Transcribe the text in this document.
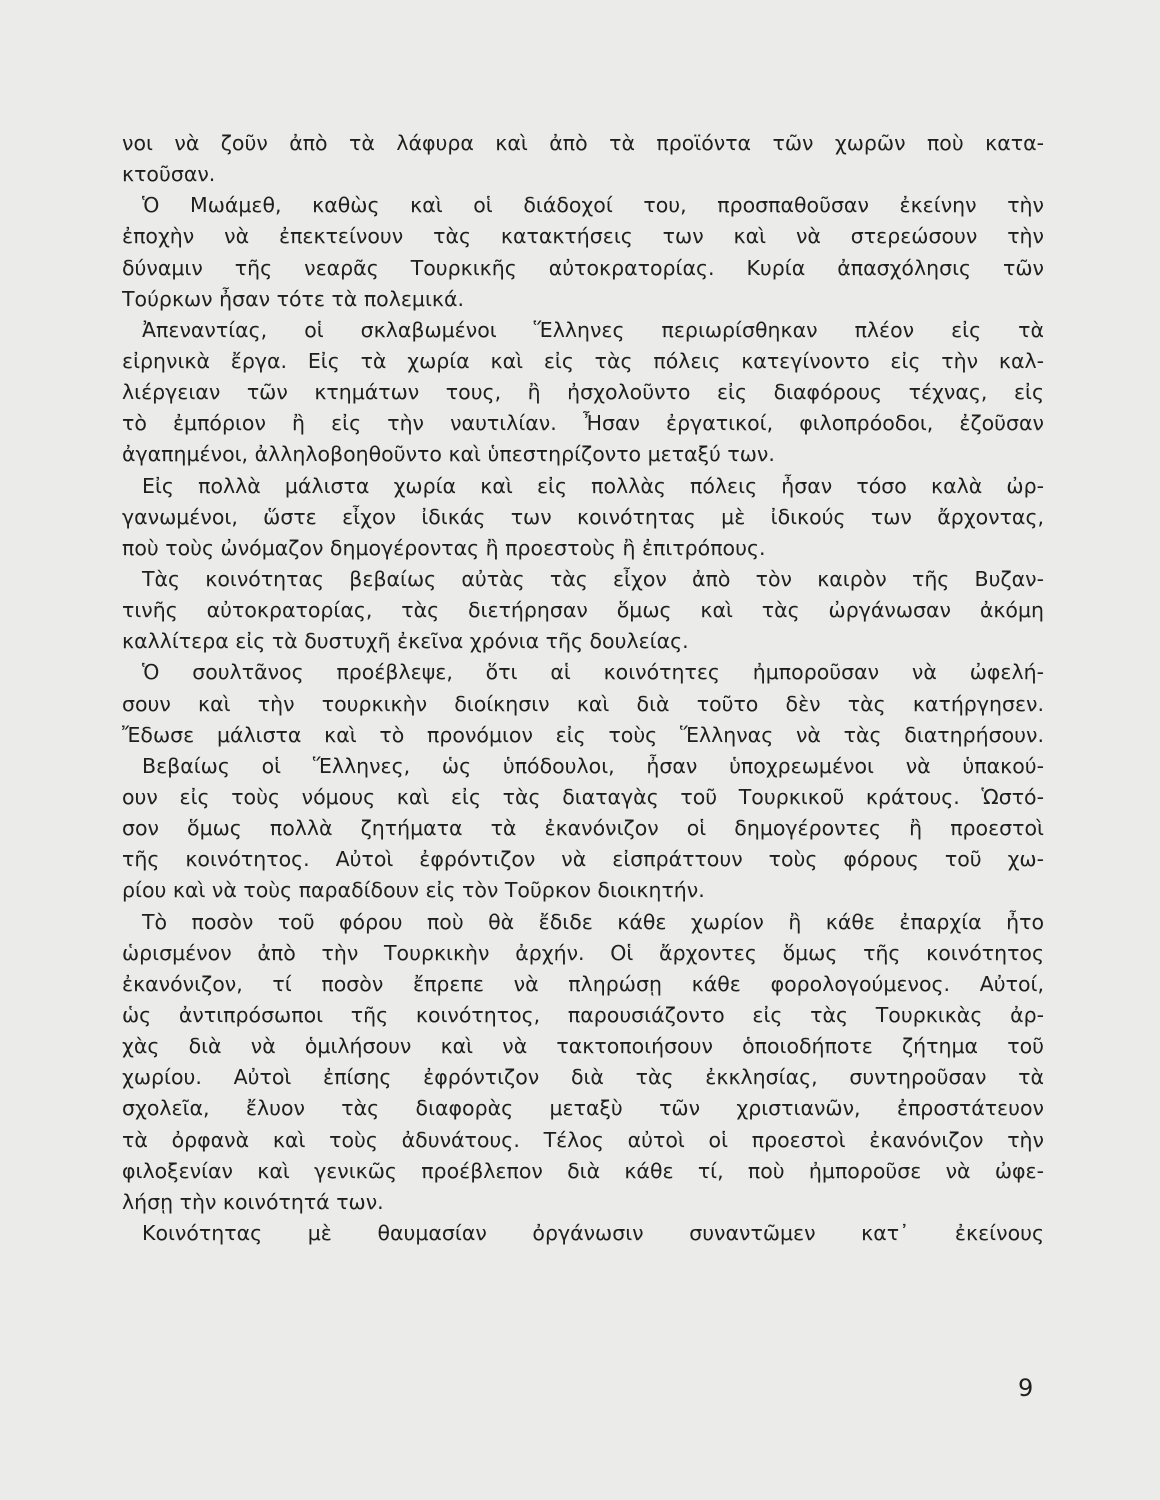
νοι νὰ ζοῦν ἀπὸ τὰ λάφυρα καὶ ἀπὸ τὰ προϊόντα τῶν χωρῶν ποὺ κατα-
κτοῦσαν.
Ὁ Μωάμεθ, καθὼς καὶ οἱ διάδοχοί του, προσπαθοῦσαν ἐκείνην τὴν
ἐποχὴν νὰ ἐπεκτείνουν τὰς κατακτήσεις των καὶ νὰ στερεώσουν τὴν
δύναμιν τῆς νεαρᾶς Τουρκικῆς αὐτοκρατορίας. Κυρία ἀπασχόλησις τῶν
Τούρκων ἦσαν τότε τὰ πολεμικά.
Ἀπεναντίας, οἱ σκλαβωμένοι Ἕλληνες περιωρίσθηκαν πλέον εἰς τὰ
εἰρηνικὰ ἔργα. Εἰς τὰ χωρία καὶ εἰς τὰς πόλεις κατεγίνοντο εἰς τὴν καλ-
λιέργειαν τῶν κτημάτων τους, ἢ ἠσχολοῦντο εἰς διαφόρους τέχνας, εἰς
τὸ ἐμπόριον ἢ εἰς τὴν ναυτιλίαν. Ἦσαν ἐργατικοί, φιλοπρόοδοι, ἐζοῦσαν
ἀγαπημένοι, ἀλληλοβοηθοῦντο καὶ ὑπεστηρίζοντο μεταξύ των.
Εἰς πολλὰ μάλιστα χωρία καὶ εἰς πολλὰς πόλεις ἦσαν τόσο καλὰ ὠρ-
γανωμένοι, ὥστε εἶχον ἰδικάς των κοινότητας μὲ ἰδικούς των ἄρχοντας,
ποὺ τοὺς ὠνόμαζον δημογέροντας ἢ προεστοὺς ἢ ἐπιτρόπους.
Τὰς κοινότητας βεβαίως αὐτὰς τὰς εἶχον ἀπὸ τὸν καιρὸν τῆς Βυζαν-
τινῆς αὐτοκρατορίας, τὰς διετήρησαν ὅμως καὶ τὰς ὠργάνωσαν ἀκόμη
καλλίτερα εἰς τὰ δυστυχῆ ἐκεῖνα χρόνια τῆς δουλείας.
Ὁ σουλτᾶνος προέβλεψε, ὅτι αἱ κοινότητες ἠμποροῦσαν νὰ ὠφελή-
σουν καὶ τὴν τουρκικὴν διοίκησιν καὶ διὰ τοῦτο δὲν τὰς κατήργησεν.
Ἔδωσε μάλιστα καὶ τὸ προνόμιον εἰς τοὺς Ἕλληνας νὰ τὰς διατηρήσουν.
Βεβαίως οἱ Ἕλληνες, ὡς ὑπόδουλοι, ἦσαν ὑποχρεωμένοι νὰ ὑπακού-
ουν εἰς τοὺς νόμους καὶ εἰς τὰς διαταγὰς τοῦ Τουρκικοῦ κράτους. Ὡστό-
σον ὅμως πολλὰ ζητήματα τὰ ἐκανόνιζον οἱ δημογέροντες ἢ προεστοὶ
τῆς κοινότητος. Αὐτοὶ ἐφρόντιζον νὰ εἰσπράττουν τοὺς φόρους τοῦ χω-
ρίου καὶ νὰ τοὺς παραδίδουν εἰς τὸν Τοῦρκον διοικητήν.
Τὸ ποσὸν τοῦ φόρου ποὺ θὰ ἔδιδε κάθε χωρίον ἢ κάθε ἐπαρχία ἦτο
ὡρισμένον ἀπὸ τὴν Τουρκικὴν ἀρχήν. Οἱ ἄρχοντες ὅμως τῆς κοινότητος
ἐκανόνιζον, τί ποσὸν ἔπρεπε νὰ πληρώσῃ κάθε φορολογούμενος. Αὐτοί,
ὡς ἀντιπρόσωποι τῆς κοινότητος, παρουσιάζοντο εἰς τὰς Τουρκικὰς ἀρ-
χὰς διὰ νὰ ὁμιλήσουν καὶ νὰ τακτοποιήσουν ὁποιοδήποτε ζήτημα τοῦ
χωρίου. Αὐτοὶ ἐπίσης ἐφρόντιζον διὰ τὰς ἐκκλησίας, συντηροῦσαν τὰ
σχολεῖα, ἔλυον τὰς διαφορὰς μεταξὺ τῶν χριστιανῶν, ἐπροστάτευον
τὰ ὀρφανὰ καὶ τοὺς ἀδυνάτους. Τέλος αὐτοὶ οἱ προεστοὶ ἐκανόνιζον τὴν
φιλοξενίαν καὶ γενικῶς προέβλεπον διὰ κάθε τί, ποὺ ἠμποροῦσε νὰ ὠφε-
λήσῃ τὴν κοινότητά των.
Κοινότητας μὲ θαυμασίαν ὀργάνωσιν συναντῶμεν κατ᾽ ἐκείνους
9
